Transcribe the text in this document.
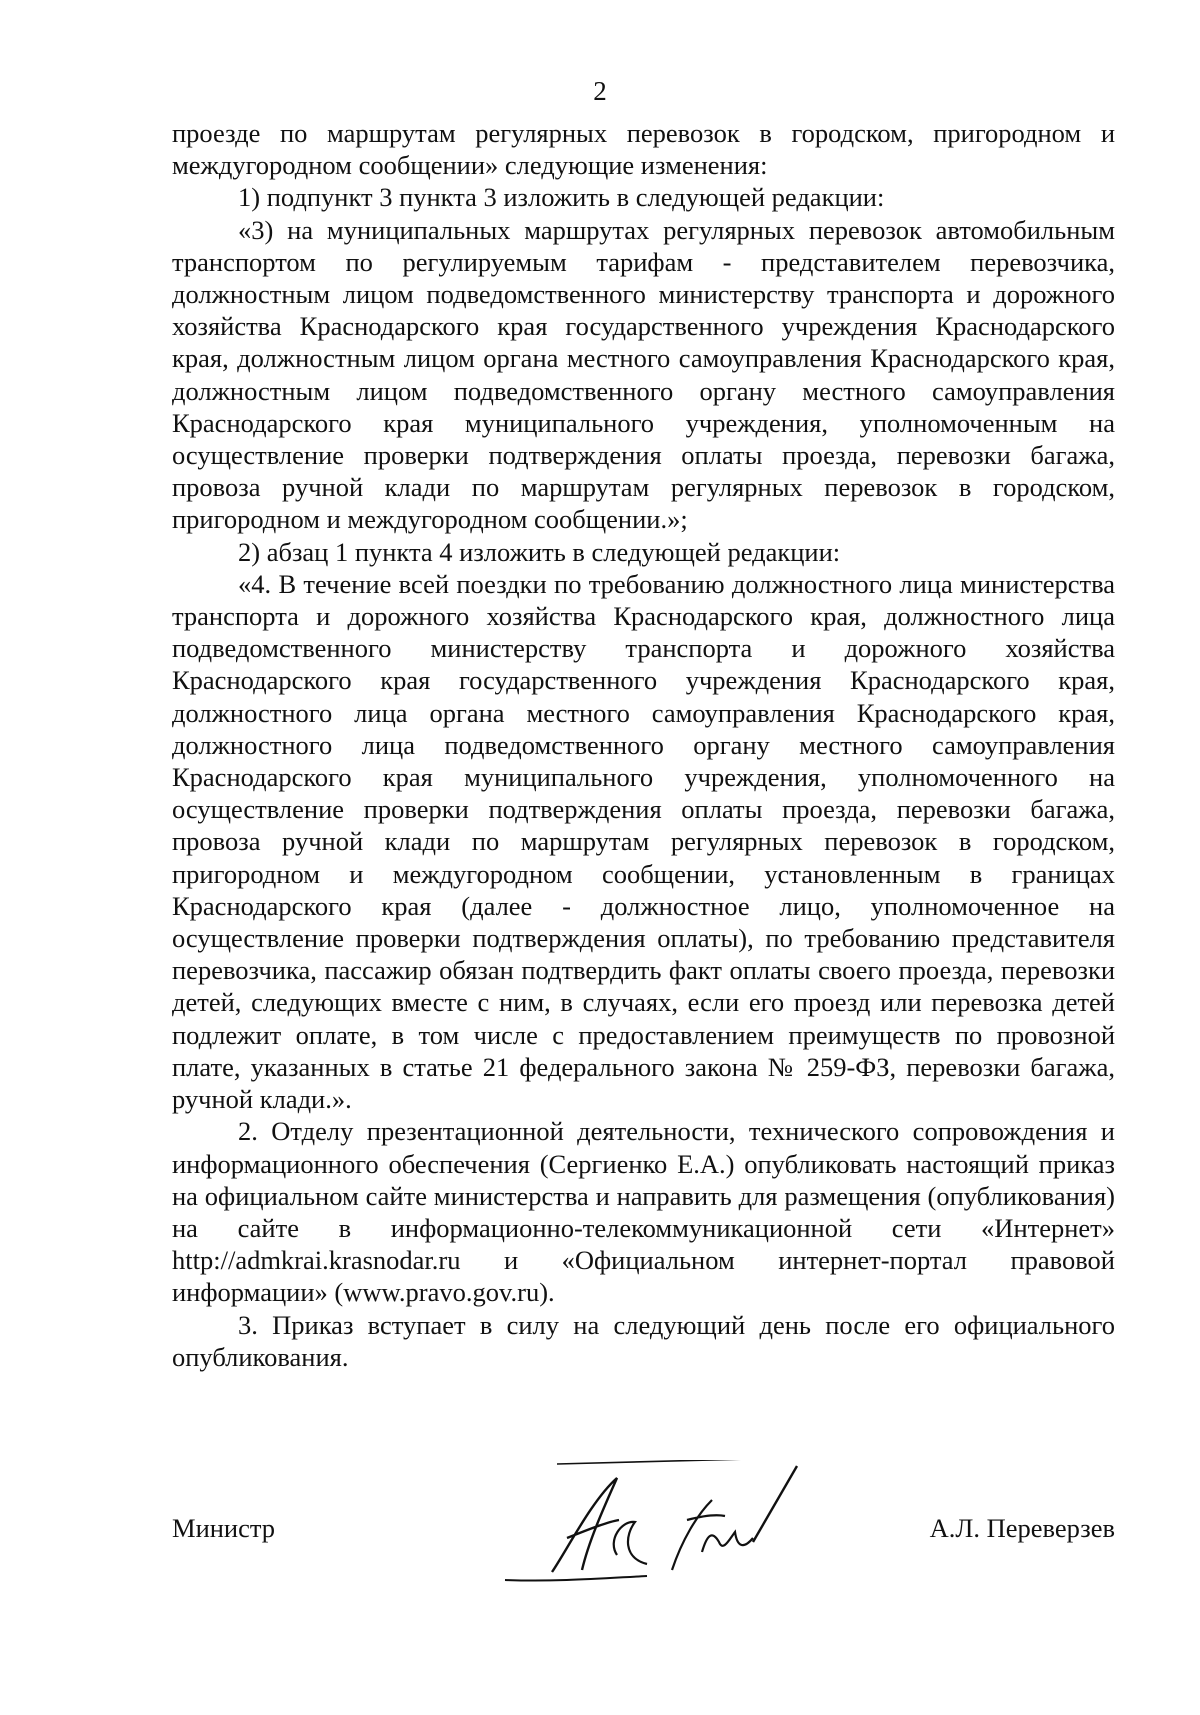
2

проезде по маршрутам регулярных перевозок в городском, пригородном и междугородном сообщении» следующие изменения:

1) подпункт 3 пункта 3 изложить в следующей редакции:

«3) на муниципальных маршрутах регулярных перевозок автомобильным транспортом по регулируемым тарифам - представителем перевозчика, должностным лицом подведомственного министерству транспорта и дорожного хозяйства Краснодарского края государственного учреждения Краснодарского края, должностным лицом органа местного самоуправления Краснодарского края, должностным лицом подведомственного органу местного самоуправления Краснодарского края муниципального учреждения, уполномоченным на осуществление проверки подтверждения оплаты проезда, перевозки багажа, провоза ручной клади по маршрутам регулярных перевозок в городском, пригородном и междугородном сообщении.»;

2) абзац 1 пункта 4 изложить в следующей редакции:

«4. В течение всей поездки по требованию должностного лица министерства транспорта и дорожного хозяйства Краснодарского края, должностного лица подведомственного министерству транспорта и дорожного хозяйства Краснодарского края государственного учреждения Краснодарского края, должностного лица органа местного самоуправления Краснодарского края, должностного лица подведомственного органу местного самоуправления Краснодарского края муниципального учреждения, уполномоченного на осуществление проверки подтверждения оплаты проезда, перевозки багажа, провоза ручной клади по маршрутам регулярных перевозок в городском, пригородном и междугородном сообщении, установленным в границах Краснодарского края (далее - должностное лицо, уполномоченное на осуществление проверки подтверждения оплаты), по требованию представителя перевозчика, пассажир обязан подтвердить факт оплаты своего проезда, перевозки детей, следующих вместе с ним, в случаях, если его проезд или перевозка детей подлежит оплате, в том числе с предоставлением преимуществ по провозной плате, указанных в статье 21 федерального закона № 259-ФЗ, перевозки багажа, ручной клади.».

2. Отделу презентационной деятельности, технического сопровождения и информационного обеспечения (Сергиенко Е.А.) опубликовать настоящий приказ на официальном сайте министерства и направить для размещения (опубликования) на сайте в информационно-телекоммуникационной сети «Интернет» http://admkrai.krasnodar.ru и «Официальном интернет-портал правовой информации» (www.pravo.gov.ru).

3. Приказ вступает в силу на следующий день после его официального опубликования.

Министр	А.Л. Переверзев
